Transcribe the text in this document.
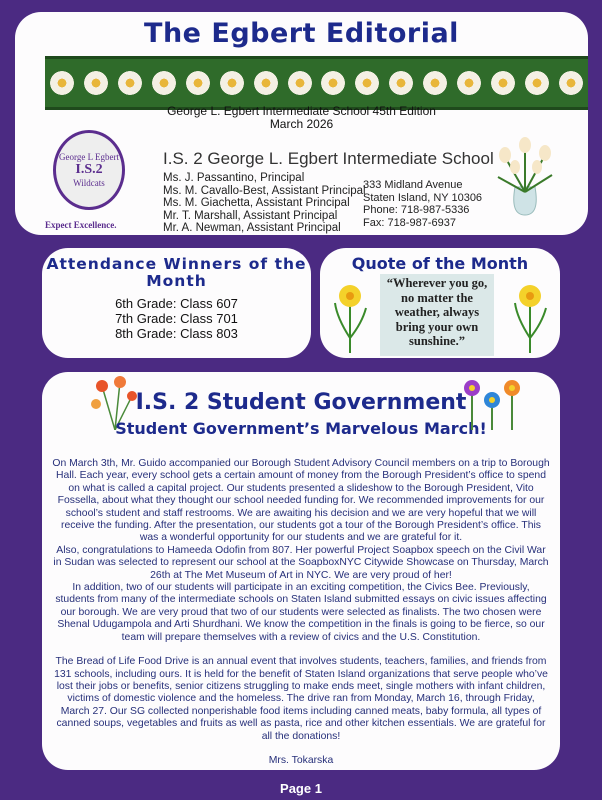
The Egbert Editorial
George L. Egbert Intermediate School 45th Edition
March 2026
George L Egbert
I.S.2
Wildcats
Expect Excellence.
I.S. 2 George L. Egbert Intermediate School
Ms. J. Passantino, Principal
Ms. M. Cavallo-Best, Assistant Principal
Ms. M. Giachetta, Assistant Principal
Mr. T. Marshall, Assistant Principal
Mr. A. Newman, Assistant Principal
333 Midland Avenue
Staten Island, NY 10306
Phone: 718-987-5336
Fax: 718-987-6937
Attendance Winners of the Month
6th Grade: Class 607
7th Grade: Class 701
8th Grade: Class 803
Quote of the Month
“Wherever you go, no matter the weather, always bring your own sunshine.”
I.S. 2 Student Government
Student Government’s Marvelous March!

On March 3th, Mr. Guido accompanied our Borough Student Advisory Council members on a trip to Borough Hall. Each year, every school gets a certain amount of money from the Borough President’s office to spend on what is called a capital project. Our students presented a slideshow to the Borough President, Vito Fossella, about what they thought our school needed funding for. We recommended improvements for our school’s student and staff restrooms. We are awaiting his decision and we are very hopeful that we will receive the funding. After the presentation, our students got a tour of the Borough President’s office. This was a wonderful opportunity for our students and we are grateful for it.

Also, congratulations to Hameeda Odofin from 807. Her powerful Project Soapbox speech on the Civil War in Sudan was selected to represent our school at the SoapboxNYC Citywide Showcase on Thursday, March 26th at The Met Museum of Art in NYC. We are very proud of her!

In addition, two of our students will participate in an exciting competition, the Civics Bee. Previously, students from many of the intermediate schools on Staten Island submitted essays on civic issues affecting our borough. We are very proud that two of our students were selected as finalists. The two chosen were Shenal Udugampola and Arti Shurdhani. We know the competition in the finals is going to be fierce, so our team will prepare themselves with a review of civics and the U.S. Constitution.

The Bread of Life Food Drive is an annual event that involves students, teachers, families, and friends from 131 schools, including ours. It is held for the benefit of Staten Island organizations that serve people who’ve lost their jobs or benefits, senior citizens struggling to make ends meet, single mothers with infant children, victims of domestic violence and the homeless. The drive ran from Monday, March 16, through Friday, March 27. Our SG collected nonperishable food items including canned meats, baby formula, all types of canned soups, vegetables and fruits as well as pasta, rice and other kitchen essentials. We are grateful for all the donations!

Mrs. Tokarska

Page 1
